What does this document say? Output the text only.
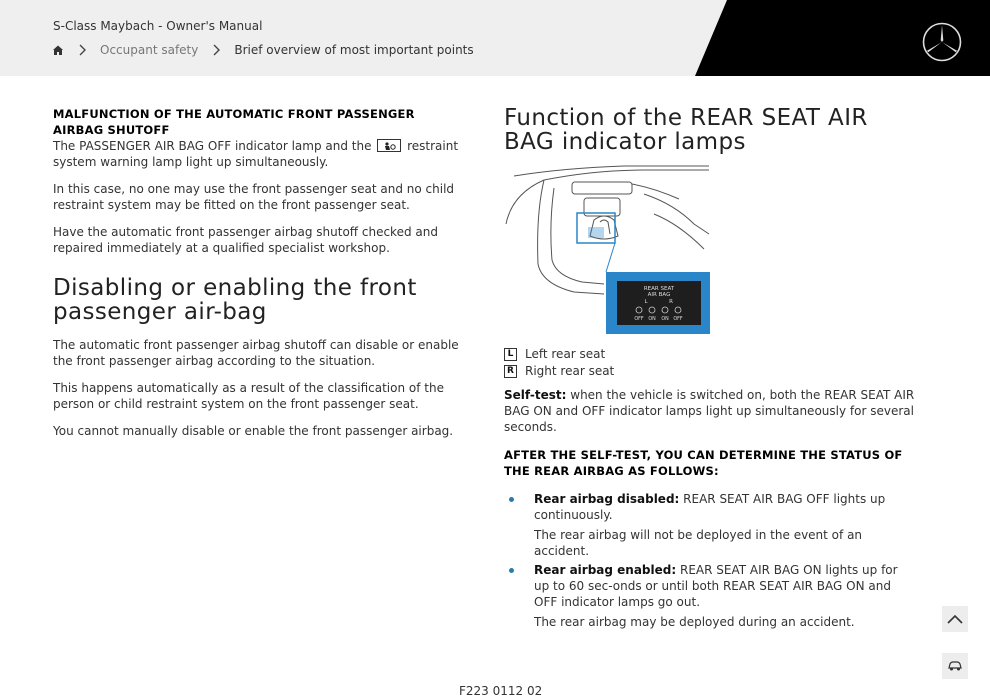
S-Class Maybach - Owner's Manual
Occupant safety	Brief overview of most important points
MALFUNCTION OF THE AUTOMATIC FRONT PASSENGER AIRBAG SHUTOFF

The PASSENGER AIR BAG OFF indicator lamp and the  restraint system warning lamp light up simultaneously.

In this case, no one may use the front passenger seat and no child restraint system may be fitted on the front passenger seat.

Have the automatic front passenger airbag shutoff checked and repaired immediately at a qualified specialist workshop.

Disabling or enabling the front passenger air-bag

The automatic front passenger airbag shutoff can disable or enable the front passenger airbag according to the situation.

This happens automatically as a result of the classification of the person or child restraint system on the front passenger seat.

You cannot manually disable or enable the front passenger airbag.

Function of the REAR SEAT AIR BAG indicator lamps
REAR SEAT
AIR BAG
L	R
OFF ON ON OFF
L Left rear seat
R Right rear seat

Self-test: when the vehicle is switched on, both the REAR SEAT AIR BAG ON and OFF indicator lamps light up simultaneously for several seconds.

AFTER THE SELF-TEST, YOU CAN DETERMINE THE STATUS OF THE REAR AIRBAG AS FOLLOWS:

Rear airbag disabled: REAR SEAT AIR BAG OFF lights up continuously.

The rear airbag will not be deployed in the event of an accident.

Rear airbag enabled: REAR SEAT AIR BAG ON lights up for up to 60 sec-onds or until both REAR SEAT AIR BAG ON and OFF indicator lamps go out.

The rear airbag may be deployed during an accident.

F223 0112 02
